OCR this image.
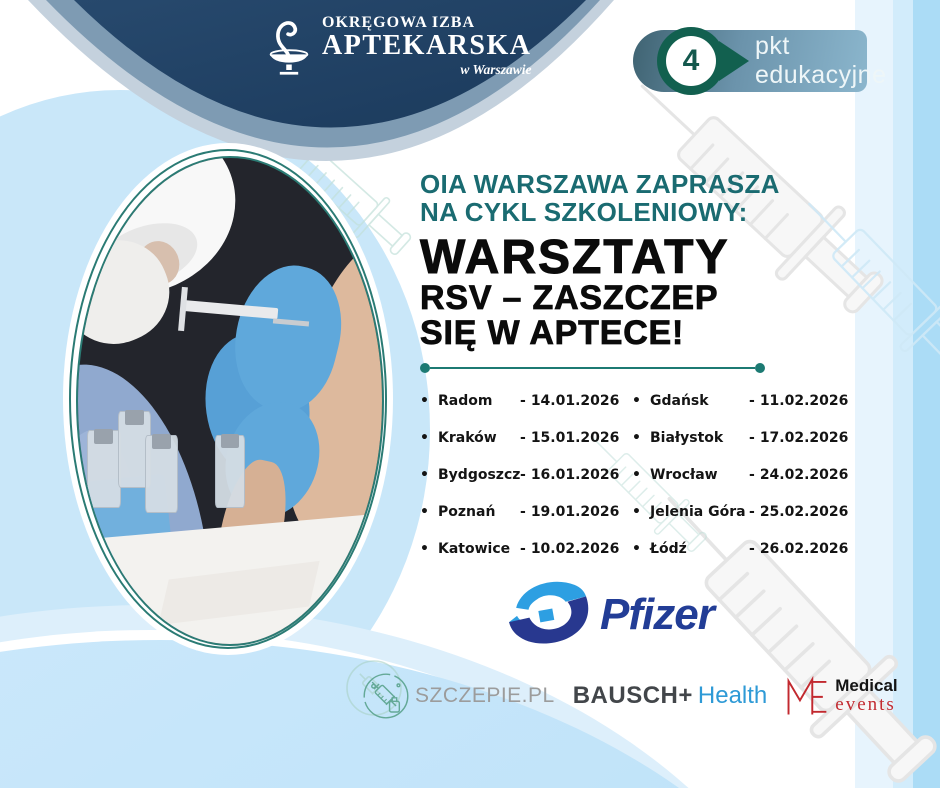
OKRĘGOWA IZBA
APTEKARSKA
w Warszawie	4	pkt edukacyjne
OIA WARSZAWA ZAPRASZA
NA CYKL SZKOLENIOWY:
WARSZTATY
RSV – ZASZCZEP
SIĘ W APTECE!
• Radom	- 14.01.2026
• Kraków	- 15.01.2026
• Bydgoszcz - 16.01.2026
• Poznań	- 19.01.2026
• Katowice - 10.02.2026
• Gdańsk	- 11.02.2026
• Białystok	- 17.02.2026
• Wrocław	- 24.02.2026
• Jelenia Góra - 25.02.2026
• Łódź	- 26.02.2026
Pfizer
SZCZEPIE.PL BAUSCH+ Health	Medical
events
